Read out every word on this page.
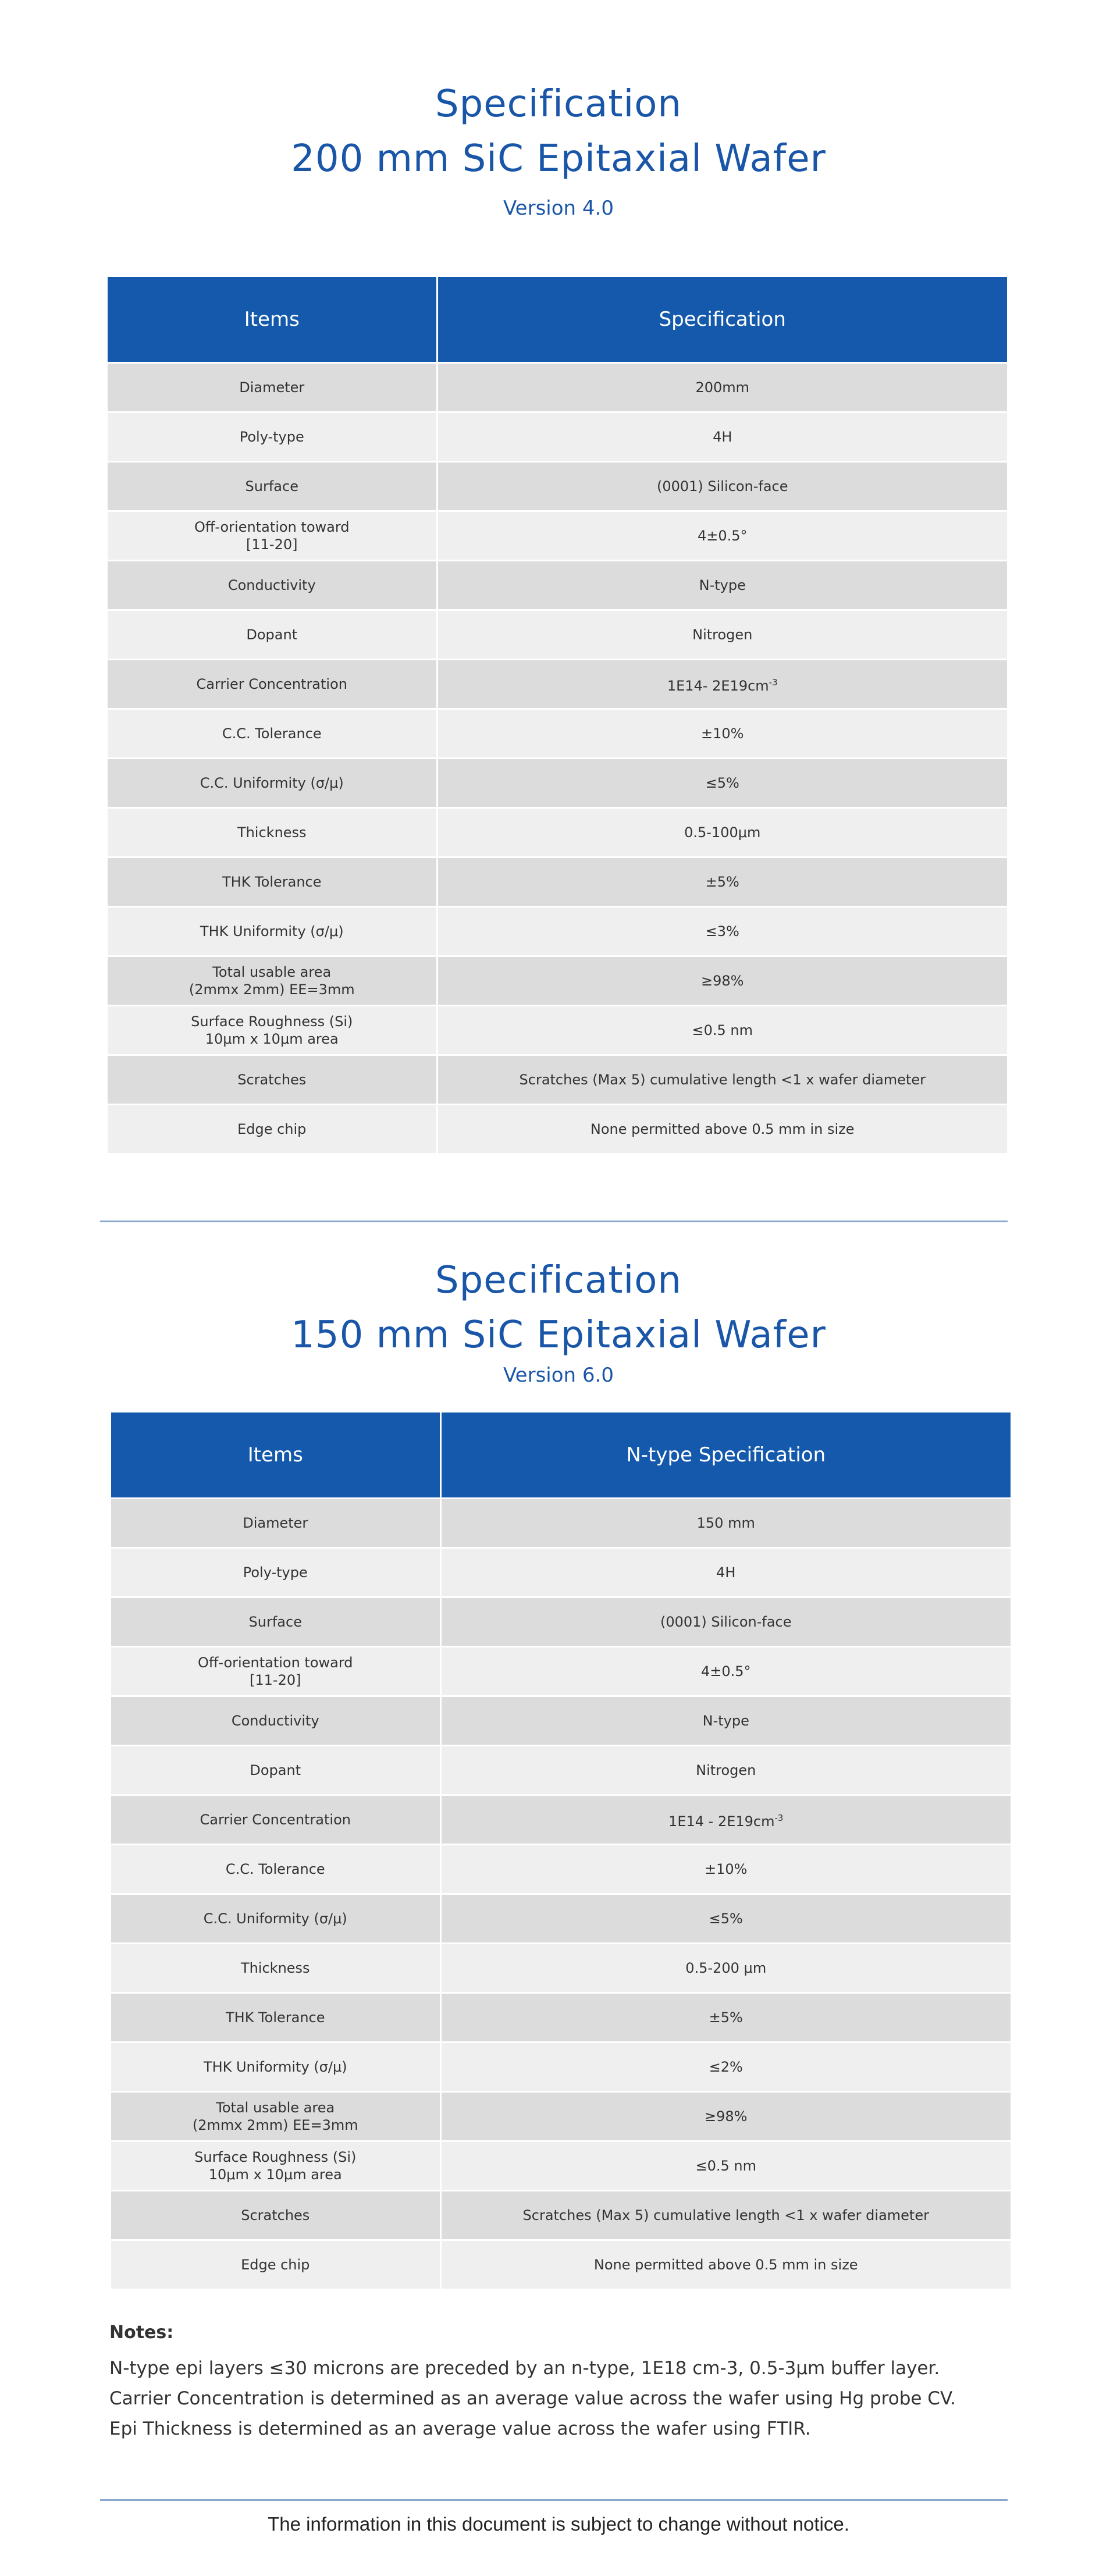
Specification
200 mm SiC Epitaxial Wafer
Version 4.0
Items	Specification
Diameter	200mm
Poly-type	4H
Surface	(0001) Silicon-face
Off-orientation toward
[11-20]	4±0.5°
Conductivity	N-type
Dopant	Nitrogen
Carrier Concentration	1E14- $2E19cm^{-3}$
C.C. Tolerance	±10%
C.C. Uniformity (σ/μ)	≤5%
Thickness	0.5-100μm
THK Tolerance	±5%
THK Uniformity (σ/μ)	≤3%
Total usable area
(2mmx 2mm) EE=3mm	≥98%
Surface Roughness (Si)
10μm x 10μm area	≤0.5 nm
Scratches	Scratches (Max 5) cumulative length <1 x wafer diameter
Edge chip	None permitted above 0.5 mm in size
Specification
150 mm SiC Epitaxial Wafer
Version 6.0
Items	N-type Specification
Diameter	150 mm
Poly-type	4H
Surface	(0001) Silicon-face
Off-orientation toward
[11-20]	4±0.5°
Conductivity	N-type
Dopant	Nitrogen
Carrier Concentration	$1E14 - 2E19cm^{-3}$
C.C. Tolerance	±10%
C.C. Uniformity (σ/μ)	≤5%
Thickness	0.5-200 μm
THK Tolerance	±5%
THK Uniformity (σ/μ)	≤2%
Total usable area
(2mmx 2mm) EE=3mm	≥98%
Surface Roughness (Si)
10μm x 10μm area	≤0.5 nm
Scratches	Scratches (Max 5) cumulative length <1 x wafer diameter
Edge chip	None permitted above 0.5 mm in size
Notes:
N-type epi layers ≤30 microns are preceded by an n-type, 1E18 cm-3, 0.5-3μm buffer layer.
Carrier Concentration is determined as an average value across the wafer using Hg probe CV.
Epi Thickness is determined as an average value across the wafer using FTIR.
The information in this document is subject to change without notice.
